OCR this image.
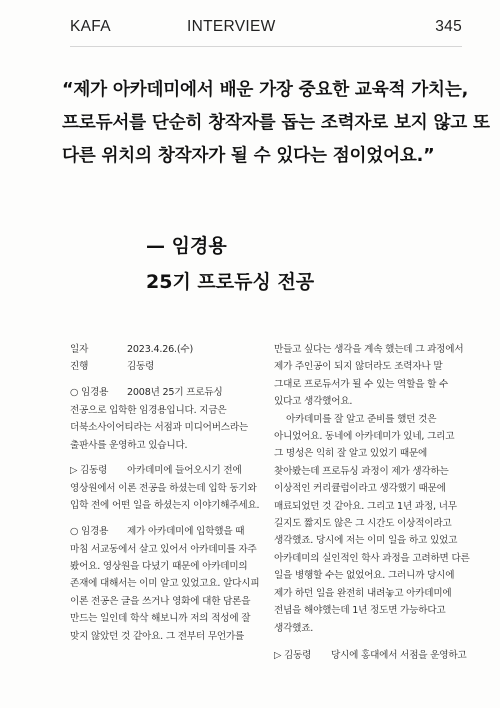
KAFA	INTERVIEW	345
“제가 아카데미에서 배운 가장 중요한 교육적 가치는,
프로듀서를 단순히 창작자를 돕는 조력자로 보지 않고 또
다른 위치의 창작자가 될 수 있다는 점이었어요.”
— 임경용
25기 프로듀싱 전공
일자	2023.4.26.(수)
진행	김동령
○ 임경용 2008년 25기 프로듀싱
전공으로 입학한 임경용입니다. 지금은
더북소사이어티라는 서점과 미디어버스라는
출판사를 운영하고 있습니다.
▷ 김동령 아카데미에 들어오시기 전에
영상원에서 이론 전공을 하셨는데 입학 동기와
입학 전에 어떤 일을 하셨는지 이야기해주세요.
○ 임경용 제가 아카데미에 입학했을 때
마침 서교동에서 살고 있어서 아카데미를 자주
봤어요. 영상원을 다녔기 때문에 아카데미의
존재에 대해서는 이미 알고 있었고요. 알다시피
이론 전공은 글을 쓰거나 영화에 대한 담론을
만드는 일인데 학삭 해보니까 저의 적성에 잘
맞지 않았던 것 같아요. 그 전부터 무언가를
만들고 싶다는 생각을 계속 했는데 그 과정에서
제가 주인공이 되지 않더라도 조력자나 말
그대로 프로듀서가 될 수 있는 역할을 할 수
있다고 생각했어요.
아카데미를 잘 알고 준비를 했던 것은
아니었어요. 동네에 아카데미가 있네, 그리고
그 명성은 익히 잘 알고 있었기 때문에
찾아봤는데 프로듀싱 과정이 제가 생각하는
이상적인 커리큘럼이라고 생각했기 때문에
매료되었던 것 같아요. 그리고 1년 과정, 너무
길지도 짧지도 않은 그 시간도 이상적이라고
생각했죠. 당시에 저는 이미 일을 하고 있었고
아카데미의 실인적인 학사 과정을 고려하면 다른
일을 병행할 수는 없었어요. 그러니까 당시에
제가 하던 일을 완전히 내려놓고 아카데미에
전념을 해야했는데 1년 정도면 가능하다고
생각했죠.
▷ 김동령 당시에 홍대에서 서점을 운영하고
